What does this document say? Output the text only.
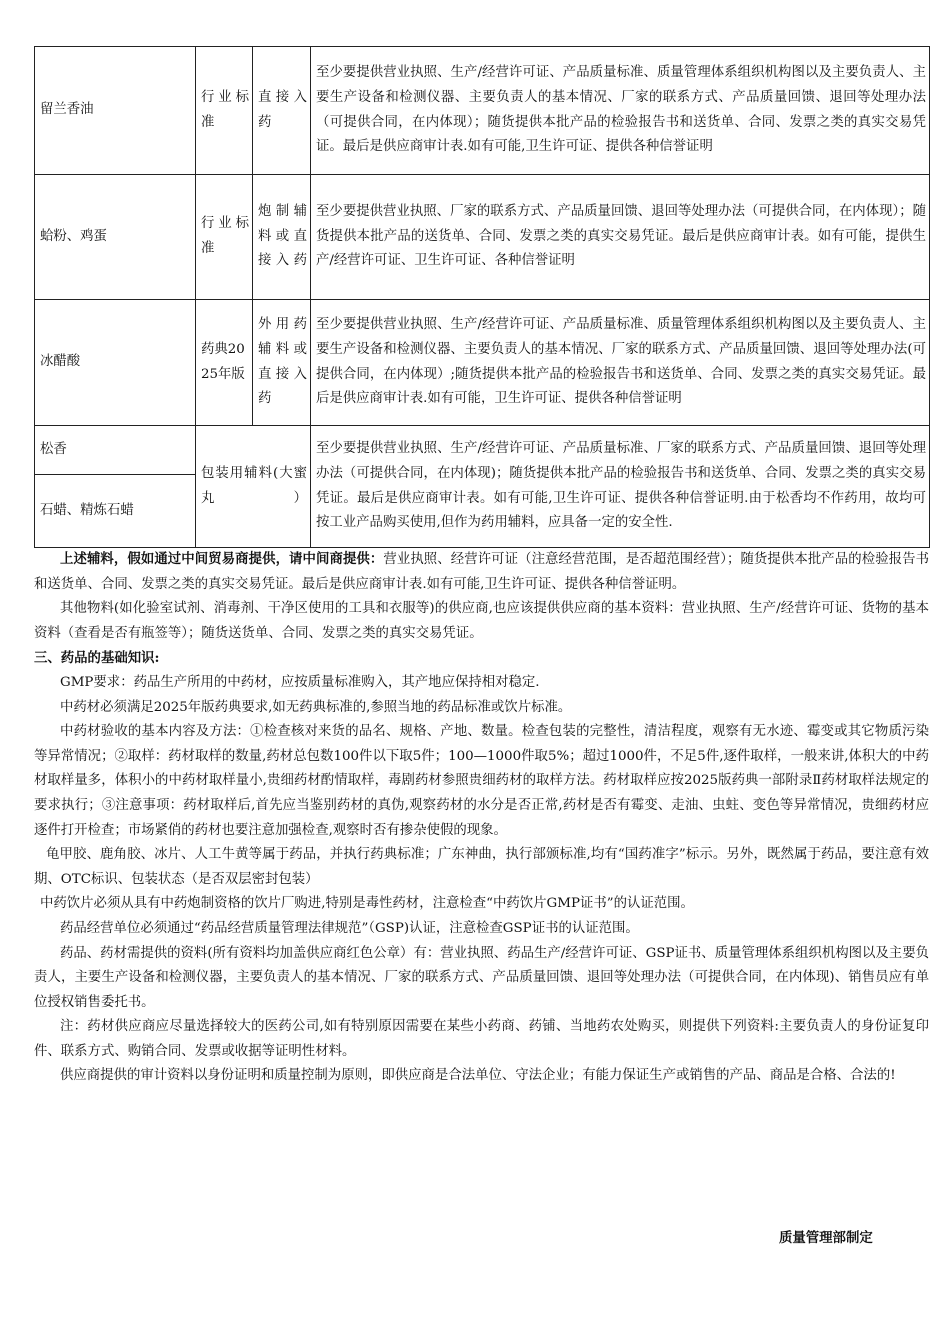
留兰香油	行业标准	直接入药	至少要提供营业执照、生产/经营许可证、产品质量标准、质量管理体系组织机构图以及主要负责人、主要生产设备和检测仪器、主要负责人的基本情况、厂家的联系方式、产品质量回馈、退回等处理办法（可提供合同，在内体现）；随货提供本批产品的检验报告书和送货单、合同、发票之类的真实交易凭证。最后是供应商审计表.如有可能,卫生许可证、提供各种信誉证明
蛤粉、鸡蛋	行业标准	炮制辅料或直接入药	至少要提供营业执照、厂家的联系方式、产品质量回馈、退回等处理办法（可提供合同，在内体现）；随货提供本批产品的送货单、合同、发票之类的真实交易凭证。最后是供应商审计表。如有可能，提供生产/经营许可证、卫生许可证、各种信誉证明
冰醋酸	药典2025年版	外用药辅料或直接入药	至少要提供营业执照、生产/经营许可证、产品质量标准、质量管理体系组织机构图以及主要负责人、主要生产设备和检测仪器、主要负责人的基本情况、厂家的联系方式、产品质量回馈、退回等处理办法(可提供合同，在内体现）;随货提供本批产品的检验报告书和送货单、合同、发票之类的真实交易凭证。最后是供应商审计表.如有可能，卫生许可证、提供各种信誉证明
松香	包装用辅料(大蜜丸）		至少要提供营业执照、生产/经营许可证、产品质量标准、厂家的联系方式、产品质量回馈、退回等处理办法（可提供合同，在内体现)；随货提供本批产品的检验报告书和送货单、合同、发票之类的真实交易凭证。最后是供应商审计表。如有可能,卫生许可证、提供各种信誉证明.由于松香均不作药用，故均可按工业产品购买使用,但作为药用辅料，应具备一定的安全性.
石蜡、精炼石蜡			

上述辅料，假如通过中间贸易商提供，请中间商提供：营业执照、经营许可证（注意经营范围，是否超范围经营）；随货提供本批产品的检验报告书和送货单、合同、发票之类的真实交易凭证。最后是供应商审计表.如有可能,卫生许可证、提供各种信誉证明。

其他物料(如化验室试剂、消毒剂、干净区使用的工具和衣服等)的供应商,也应该提供供应商的基本资料：营业执照、生产/经营许可证、货物的基本资料（查看是否有瓶签等）；随货送货单、合同、发票之类的真实交易凭证。

三、药品的基础知识:

GMP要求：药品生产所用的中药材，应按质量标准购入，其产地应保持相对稳定.

中药材必须满足2025年版药典要求,如无药典标准的,参照当地的药品标准或饮片标准。

中药材验收的基本内容及方法：①检查核对来货的品名、规格、产地、数量。检查包装的完整性，清洁程度，观察有无水迹、霉变或其它物质污染等异常情况；②取样：药材取样的数量,药材总包数100件以下取5件；100—1000件取5%；超过1000件，不足5件,逐件取样，一般来讲,体积大的中药材取样量多，体积小的中药材取样量小,贵细药材酌情取样，毒剧药材参照贵细药材的取样方法。药材取样应按2025版药典一部附录Ⅱ药材取样法规定的要求执行；③注意事项：药材取样后,首先应当鉴别药材的真伪,观察药材的水分是否正常,药材是否有霉变、走油、虫蛀、变色等异常情况，贵细药材应逐件打开检查；市场紧俏的药材也要注意加强检查,观察时否有掺杂使假的现象。

龟甲胶、鹿角胶、冰片、人工牛黄等属于药品，并执行药典标准；广东神曲，执行部颁标准,均有“国药准字”标示。另外，既然属于药品，要注意有效期、OTC标识、包装状态（是否双层密封包装）

中药饮片必须从具有中药炮制资格的饮片厂购进,特别是毒性药材，注意检查“中药饮片GMP证书”的认证范围。

药品经营单位必须通过“药品经营质量管理法律规范”（GSP)认证，注意检查GSP证书的认证范围。

药品、药材需提供的资料(所有资料均加盖供应商红色公章）有：营业执照、药品生产/经营许可证、GSP证书、质量管理体系组织机构图以及主要负责人，主要生产设备和检测仪器，主要负责人的基本情况、厂家的联系方式、产品质量回馈、退回等处理办法（可提供合同，在内体现)、销售员应有单位授权销售委托书。

注：药材供应商应尽量选择较大的医药公司,如有特别原因需要在某些小药商、药铺、当地药农处购买，则提供下列资料:主要负责人的身份证复印件、联系方式、购销合同、发票或收据等证明性材料。

供应商提供的审计资料以身份证明和质量控制为原则，即供应商是合法单位、守法企业；有能力保证生产或销售的产品、商品是合格、合法的!

质量管理部制定
